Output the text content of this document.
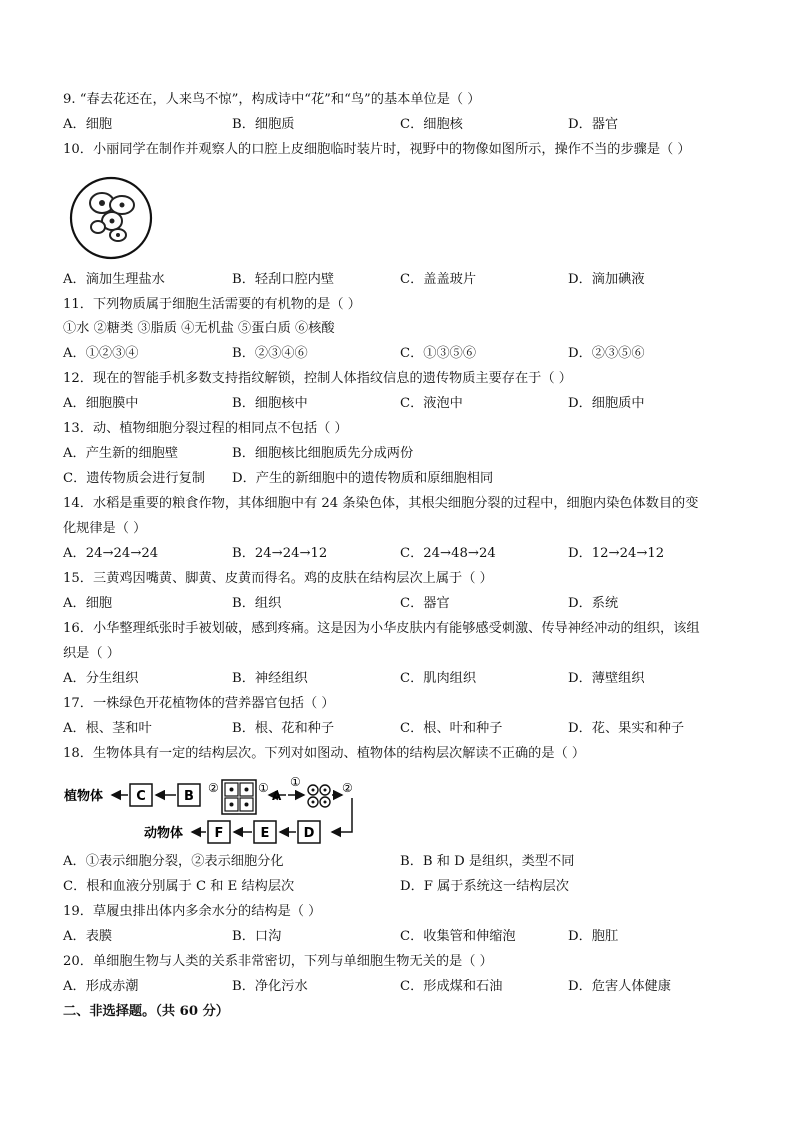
9. “春去花还在，人来鸟不惊”，构成诗中“花”和“鸟”的基本单位是（ ）
A．细胞	B．细胞质	C．细胞核	D．器官
10．小丽同学在制作并观察人的口腔上皮细胞临时装片时，视野中的物像如图所示，操作不当的步骤是（ ）
A．滴加生理盐水	B．轻刮口腔内壁	C．盖盖玻片	D．滴加碘液
11．下列物质属于细胞生活需要的有机物的是（ ）
①水 ②糖类 ③脂质 ④无机盐 ⑤蛋白质 ⑥核酸
A．①②③④	B．②③④⑥	C．①③⑤⑥	D．②③⑤⑥
12．现在的智能手机多数支持指纹解锁，控制人体指纹信息的遗传物质主要存在于（ ）
A．细胞膜中	B．细胞核中	C．液泡中	D．细胞质中
13．动、植物细胞分裂过程的相同点不包括（ ）
A．产生新的细胞壁	B．细胞核比细胞质先分成两份
C．遗传物质会进行复制 D．产生的新细胞中的遗传物质和原细胞相同
14．水稻是重要的粮食作物，其体细胞中有 24 条染色体，其根尖细胞分裂的过程中，细胞内染色体数目的变
化规律是（ ）
A．24→24→24	B．24→24→12	C．24→48→24	D．12→24→12
15．三黄鸡因嘴黄、脚黄、皮黄而得名。鸡的皮肤在结构层次上属于（ ）
A．细胞	B．组织	C．器官	D．系统
16．小华整理纸张时手被划破，感到疼痛。这是因为小华皮肤内有能够感受刺激、传导神经冲动的组织，该组
织是（ ）
A．分生组织	B．神经组织	C．肌肉组织	D．薄壁组织
17．一株绿色开花植物体的营养器官包括（ ）
A．根、茎和叶	B．根、花和种子	C．根、叶和种子	D．花、果实和种子
18．生物体具有一定的结构层次。下列对如图动、植物体的结构层次解读不正确的是（ ）
植物体	C	B
②	①
A
①	②
动物体 F	E	D
A．①表示细胞分裂，②表示细胞分化	B．B 和 D 是组织，类型不同
C．根和血液分别属于 C 和 E 结构层次	D．F 属于系统这一结构层次
19．草履虫排出体内多余水分的结构是（ ）
A．表膜	B．口沟	C．收集管和伸缩泡	D．胞肛
20．单细胞生物与人类的关系非常密切，下列与单细胞生物无关的是（ ）
A．形成赤潮	B．净化污水	C．形成煤和石油	D．危害人体健康
二、非选择题。（共 60 分）
